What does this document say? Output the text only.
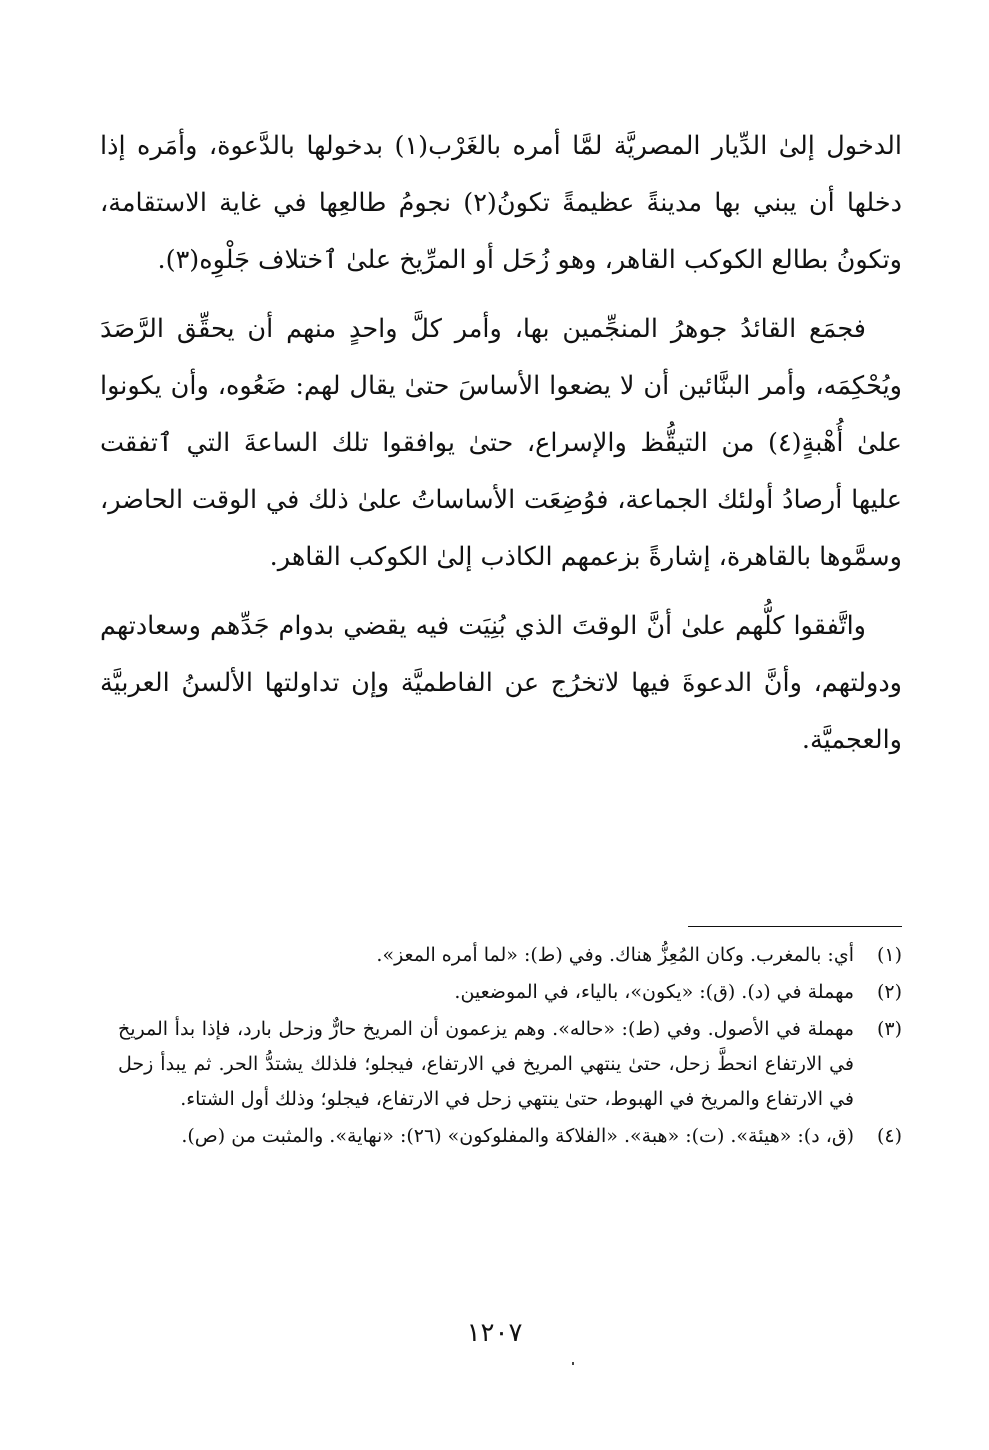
الدخول إلىٰ الدِّيار المصريَّة لمَّا أمره بالغَرْب(١) بدخولها بالدَّعوة، وأمَره إذا دخلها أن يبني بها مدينةً عظيمةً تكونُ(٢) نجومُ طالعِها في غاية الاستقامة، وتكونُ بطالع الكوكب القاهر، وهو زُحَل أو المرِّيخ علىٰ ٱختلاف جَلْوِه(٣).

فجمَع القائدُ جوهرُ المنجِّمين بها، وأمر كلَّ واحدٍ منهم أن يحقِّق الرَّصَدَ ويُحْكِمَه، وأمر البنَّائين أن لا يضعوا الأساسَ حتىٰ يقال لهم: ضَعُوه، وأن يكونوا علىٰ أُهْبةٍ(٤) من التيقُّظ والإسراع، حتىٰ يوافقوا تلك الساعةَ التي ٱتفقت عليها أرصادُ أولئك الجماعة، فوُضِعَت الأساساتُ علىٰ ذلك في الوقت الحاضر، وسمَّوها بالقاهرة، إشارةً بزعمهم الكاذب إلىٰ الكوكب القاهر.

واتَّفقوا كلُّهم علىٰ أنَّ الوقتَ الذي بُنِيَت فيه يقضي بدوام جَدِّهم وسعادتهم ودولتهم، وأنَّ الدعوةَ فيها لاتخرُج عن الفاطميَّة وإن تداولتها الألسنُ العربيَّة والعجميَّة.

(١)
أي: بالمغرب. وكان المُعِزُّ هناك. وفي (ط): «لما أمره المعز».
(٢)
مهملة في (د). (ق): «يكون»، بالياء، في الموضعين.
(٣)
مهملة في الأصول. وفي (ط): «حاله». وهم يزعمون أن المريخ حارٌّ وزحل بارد، فإذا بدأ المريخ في الارتفاع انحطَّ زحل، حتىٰ ينتهي المريخ في الارتفاع، فيجلو؛ فلذلك يشتدُّ الحر. ثم يبدأ زحل في الارتفاع والمريخ في الهبوط، حتىٰ ينتهي زحل في الارتفاع، فيجلو؛ وذلك أول الشتاء.
(٤)
(ق، د): «هيئة». (ت): «هبة». «الفلاكة والمفلوكون» (٢٦): «نهاية». والمثبت من (ص).
١٢٠٧
